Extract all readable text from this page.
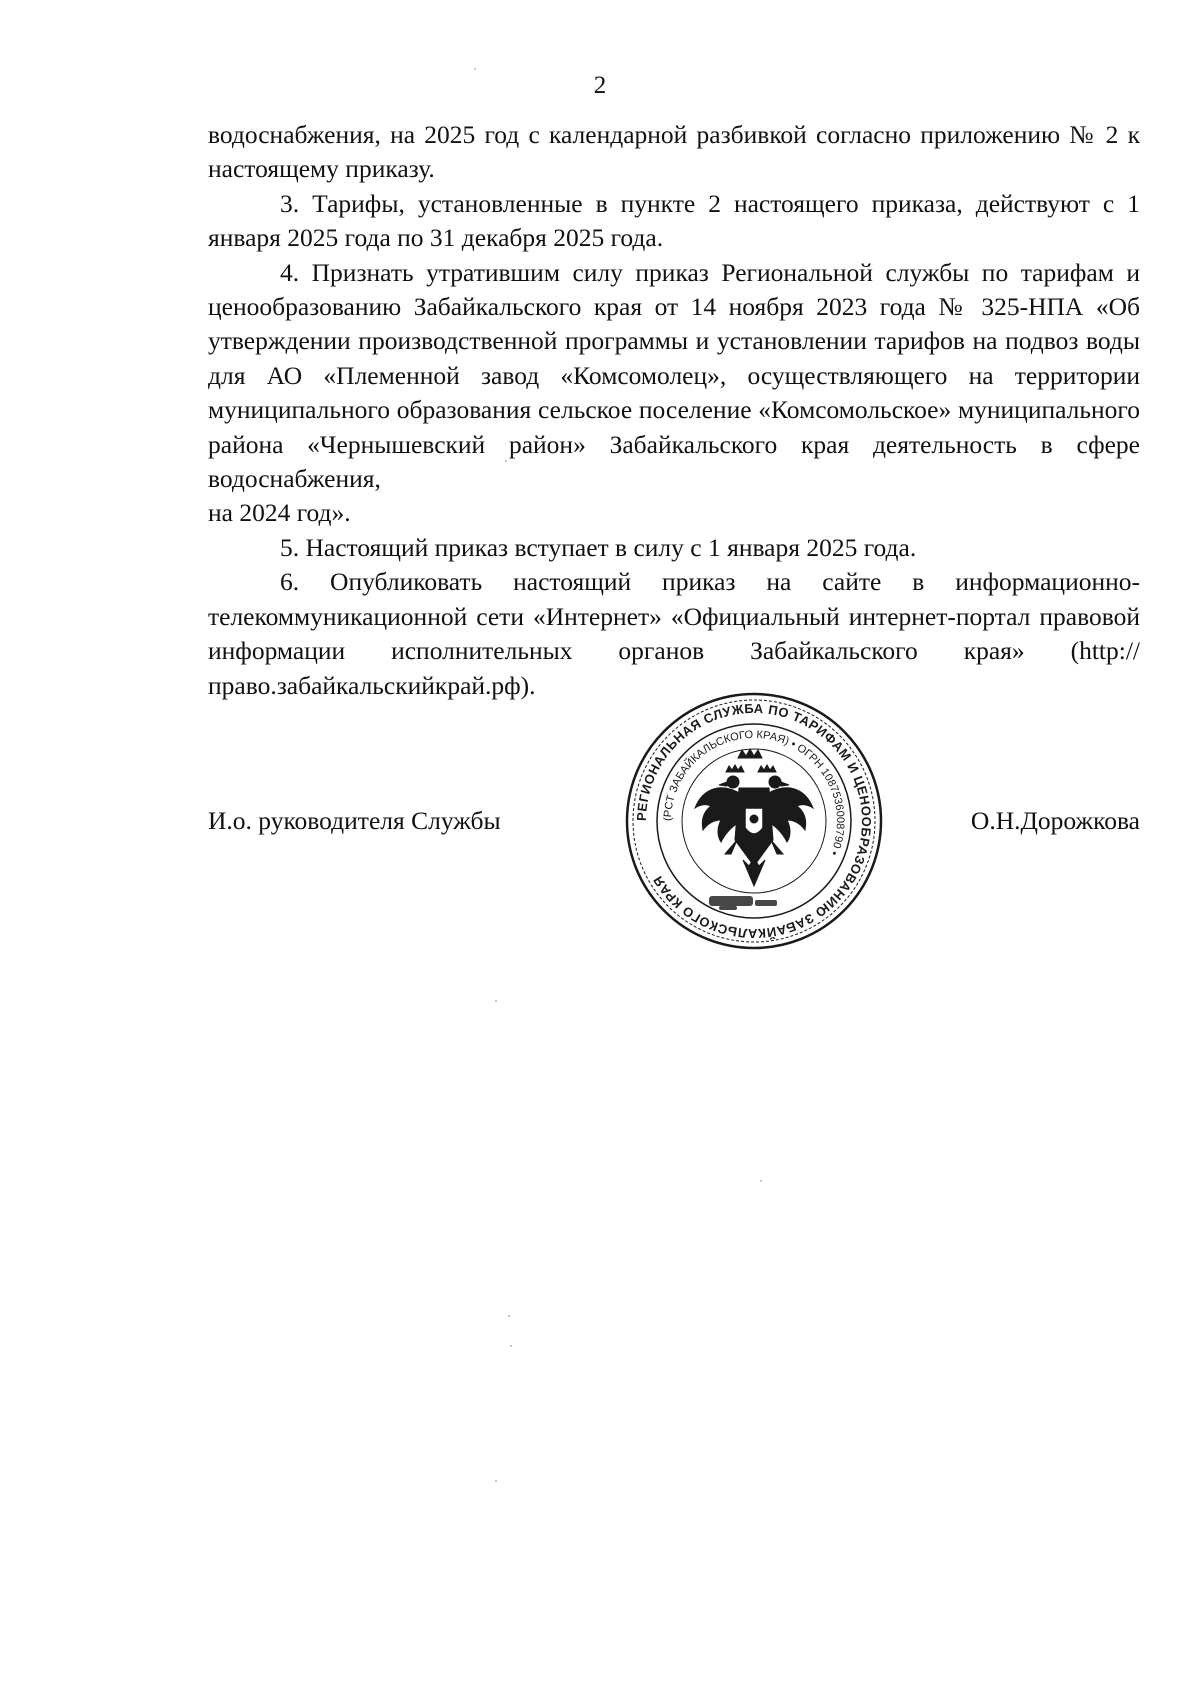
2

водоснабжения, на 2025 год с календарной разбивкой согласно приложению № 2 к настоящему приказу.

3. Тарифы, установленные в пункте 2 настоящего приказа, действуют с 1 января 2025 года по 31 декабря 2025 года.

4. Признать утратившим силу приказ Региональной службы по тарифам и ценообразованию Забайкальского края от 14 ноября 2023 года № 325-НПА «Об утверждении производственной программы и установлении тарифов на подвоз воды для АО «Племенной завод «Комсомолец», осуществляющего на территории муниципального образования сельское поселение «Комсомольское» муниципального района «Чернышевский район» Забайкальского края деятельность в сфере водоснабжения,

на 2024 год».

5. Настоящий приказ вступает в силу с 1 января 2025 года.

6. Опубликовать настоящий приказ на сайте в информационно-телекоммуникационной сети «Интернет» «Официальный интернет-портал правовой информации исполнительных органов Забайкальского края» (http://право.забайкальскийкрай.рф).

И.о. руководителя Службы	О.Н.Дорожкова
РЕГИОНАЛЬНАЯ СЛУЖБА ПО ТАРИФАМ И ЦЕНООБРАЗОВАНИЮ ЗАБАЙКАЛЬСКОГО КРАЯ
(РСТ ЗАБАЙКАЛЬСКОГО КРАЯ) • ОГРН 1087536008790 •
